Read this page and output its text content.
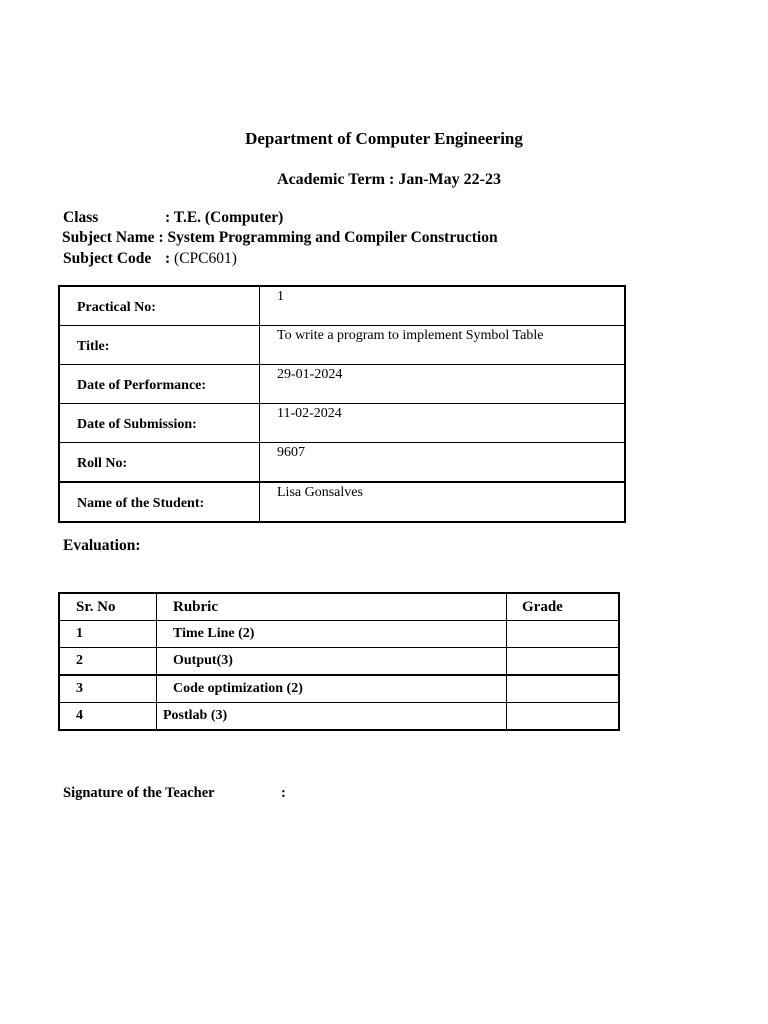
Department of Computer Engineering
Academic Term : Jan-May 22-23
Class	: T.E. (Computer)
Subject Name : System Programming and Compiler Construction
Subject Code : (CPC601)
Practical No:	1
Title:	To write a program to implement Symbol Table
Date of Performance:	29-01-2024
Date of Submission:	11-02-2024
Roll No:	9607
Name of the Student:	Lisa Gonsalves
Evaluation:
Sr. No	Rubric	Grade
1	Time Line (2)	
2	Output(3)	
3	Code optimization (2)	
4	Postlab (3)	
Signature of the Teacher	:
